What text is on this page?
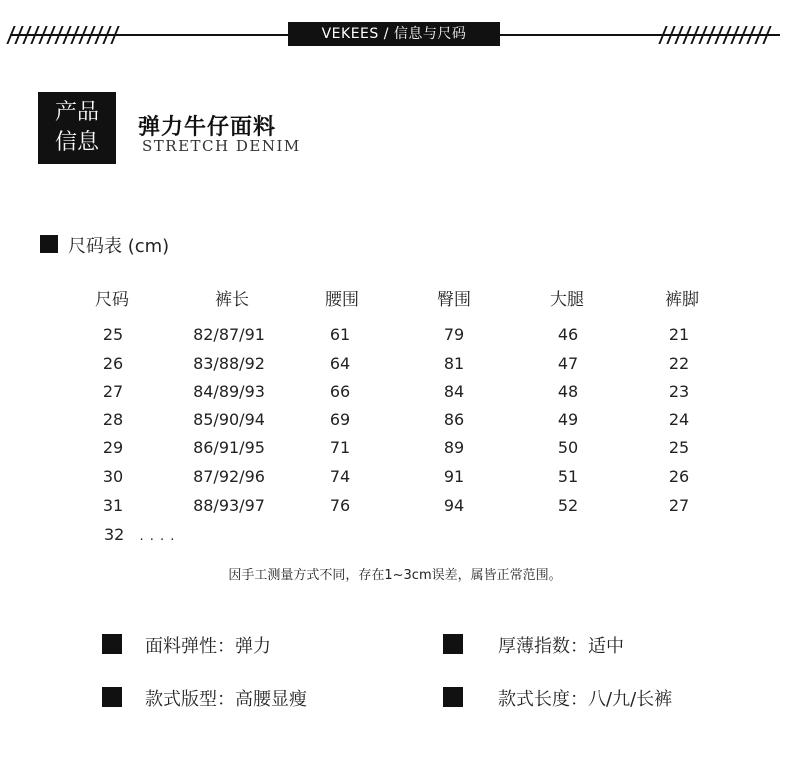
VEKEES / 信息与尺码
产品
信息
弹力牛仔面料
STRETCH DENIM
尺码表 (cm)
尺码	裤长	腰围	臀围	大腿	裤脚
25	82/87/91	61	79	46	21
26	83/88/92	64	81	47	22
27	84/89/93	66	84	48	23
28	85/90/94	69	86	49	24
29	86/91/95	71	89	50	25
30	87/92/96	74	91	51	26
31	88/93/97	76	94	52	27
32 . . . .
因手工测量方式不同，存在1~3cm误差，属皆正常范围。
面料弹性：弹力	厚薄指数：适中
款式版型：高腰显瘦	款式长度：八/九/长裤
